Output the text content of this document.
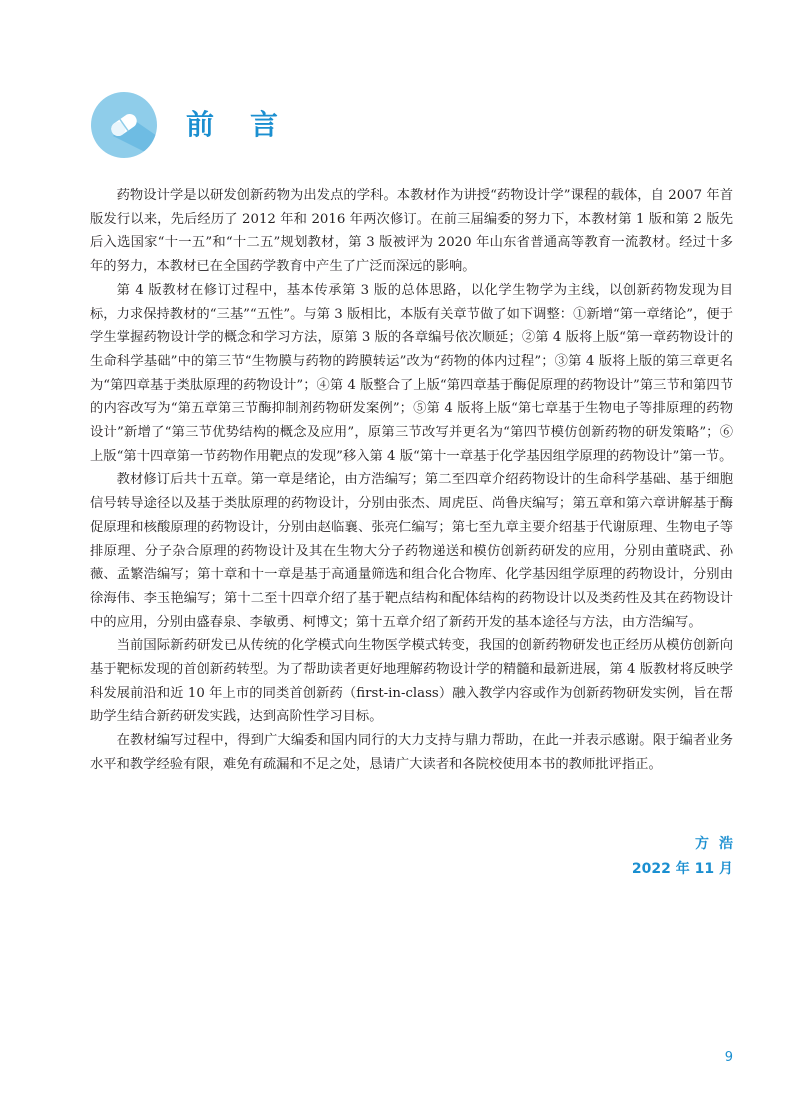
前言

药物设计学是以研发创新药物为出发点的学科。本教材作为讲授“药物设计学”课程的载体，自 2007 年首版发行以来，先后经历了 2012 年和 2016 年两次修订。在前三届编委的努力下，本教材第 1 版和第 2 版先后入选国家“十一五”和“十二五”规划教材，第 3 版被评为 2020 年山东省普通高等教育一流教材。经过十多年的努力，本教材已在全国药学教育中产生了广泛而深远的影响。

第 4 版教材在修订过程中，基本传承第 3 版的总体思路，以化学生物学为主线，以创新药物发现为目标，力求保持教材的“三基”“五性”。与第 3 版相比，本版有关章节做了如下调整：①新增“第一章绪论”，便于学生掌握药物设计学的概念和学习方法，原第 3 版的各章编号依次顺延；②第 4 版将上版“第一章药物设计的生命科学基础”中的第三节“生物膜与药物的跨膜转运”改为“药物的体内过程”；③第 4 版将上版的第三章更名为“第四章基于类肽原理的药物设计”；④第 4 版整合了上版“第四章基于酶促原理的药物设计”第三节和第四节的内容改写为“第五章第三节酶抑制剂药物研发案例”；⑤第 4 版将上版“第七章基于生物电子等排原理的药物设计”新增了“第三节优势结构的概念及应用”，原第三节改写并更名为“第四节模仿创新药物的研发策略”；⑥上版“第十四章第一节药物作用靶点的发现”移入第 4 版“第十一章基于化学基因组学原理的药物设计”第一节。

教材修订后共十五章。第一章是绪论，由方浩编写；第二至四章介绍药物设计的生命科学基础、基于细胞信号转导途径以及基于类肽原理的药物设计，分别由张杰、周虎臣、尚鲁庆编写；第五章和第六章讲解基于酶促原理和核酸原理的药物设计，分别由赵临襄、张亮仁编写；第七至九章主要介绍基于代谢原理、生物电子等排原理、分子杂合原理的药物设计及其在生物大分子药物递送和模仿创新药研发的应用，分别由董晓武、孙薇、孟繁浩编写；第十章和十一章是基于高通量筛选和组合化合物库、化学基因组学原理的药物设计，分别由徐海伟、李玉艳编写；第十二至十四章介绍了基于靶点结构和配体结构的药物设计以及类药性及其在药物设计中的应用，分别由盛春泉、李敏勇、柯博文；第十五章介绍了新药开发的基本途径与方法，由方浩编写。

当前国际新药研发已从传统的化学模式向生物医学模式转变，我国的创新药物研发也正经历从模仿创新向基于靶标发现的首创新药转型。为了帮助读者更好地理解药物设计学的精髓和最新进展，第 4 版教材将反映学科发展前沿和近 10 年上市的同类首创新药（first-in-class）融入教学内容或作为创新药物研发实例，旨在帮助学生结合新药研发实践，达到高阶性学习目标。

在教材编写过程中，得到广大编委和国内同行的大力支持与鼎力帮助，在此一并表示感谢。限于编者业务水平和教学经验有限，难免有疏漏和不足之处，恳请广大读者和各院校使用本书的教师批评指正。

方浩
2022 年 11 月
9
